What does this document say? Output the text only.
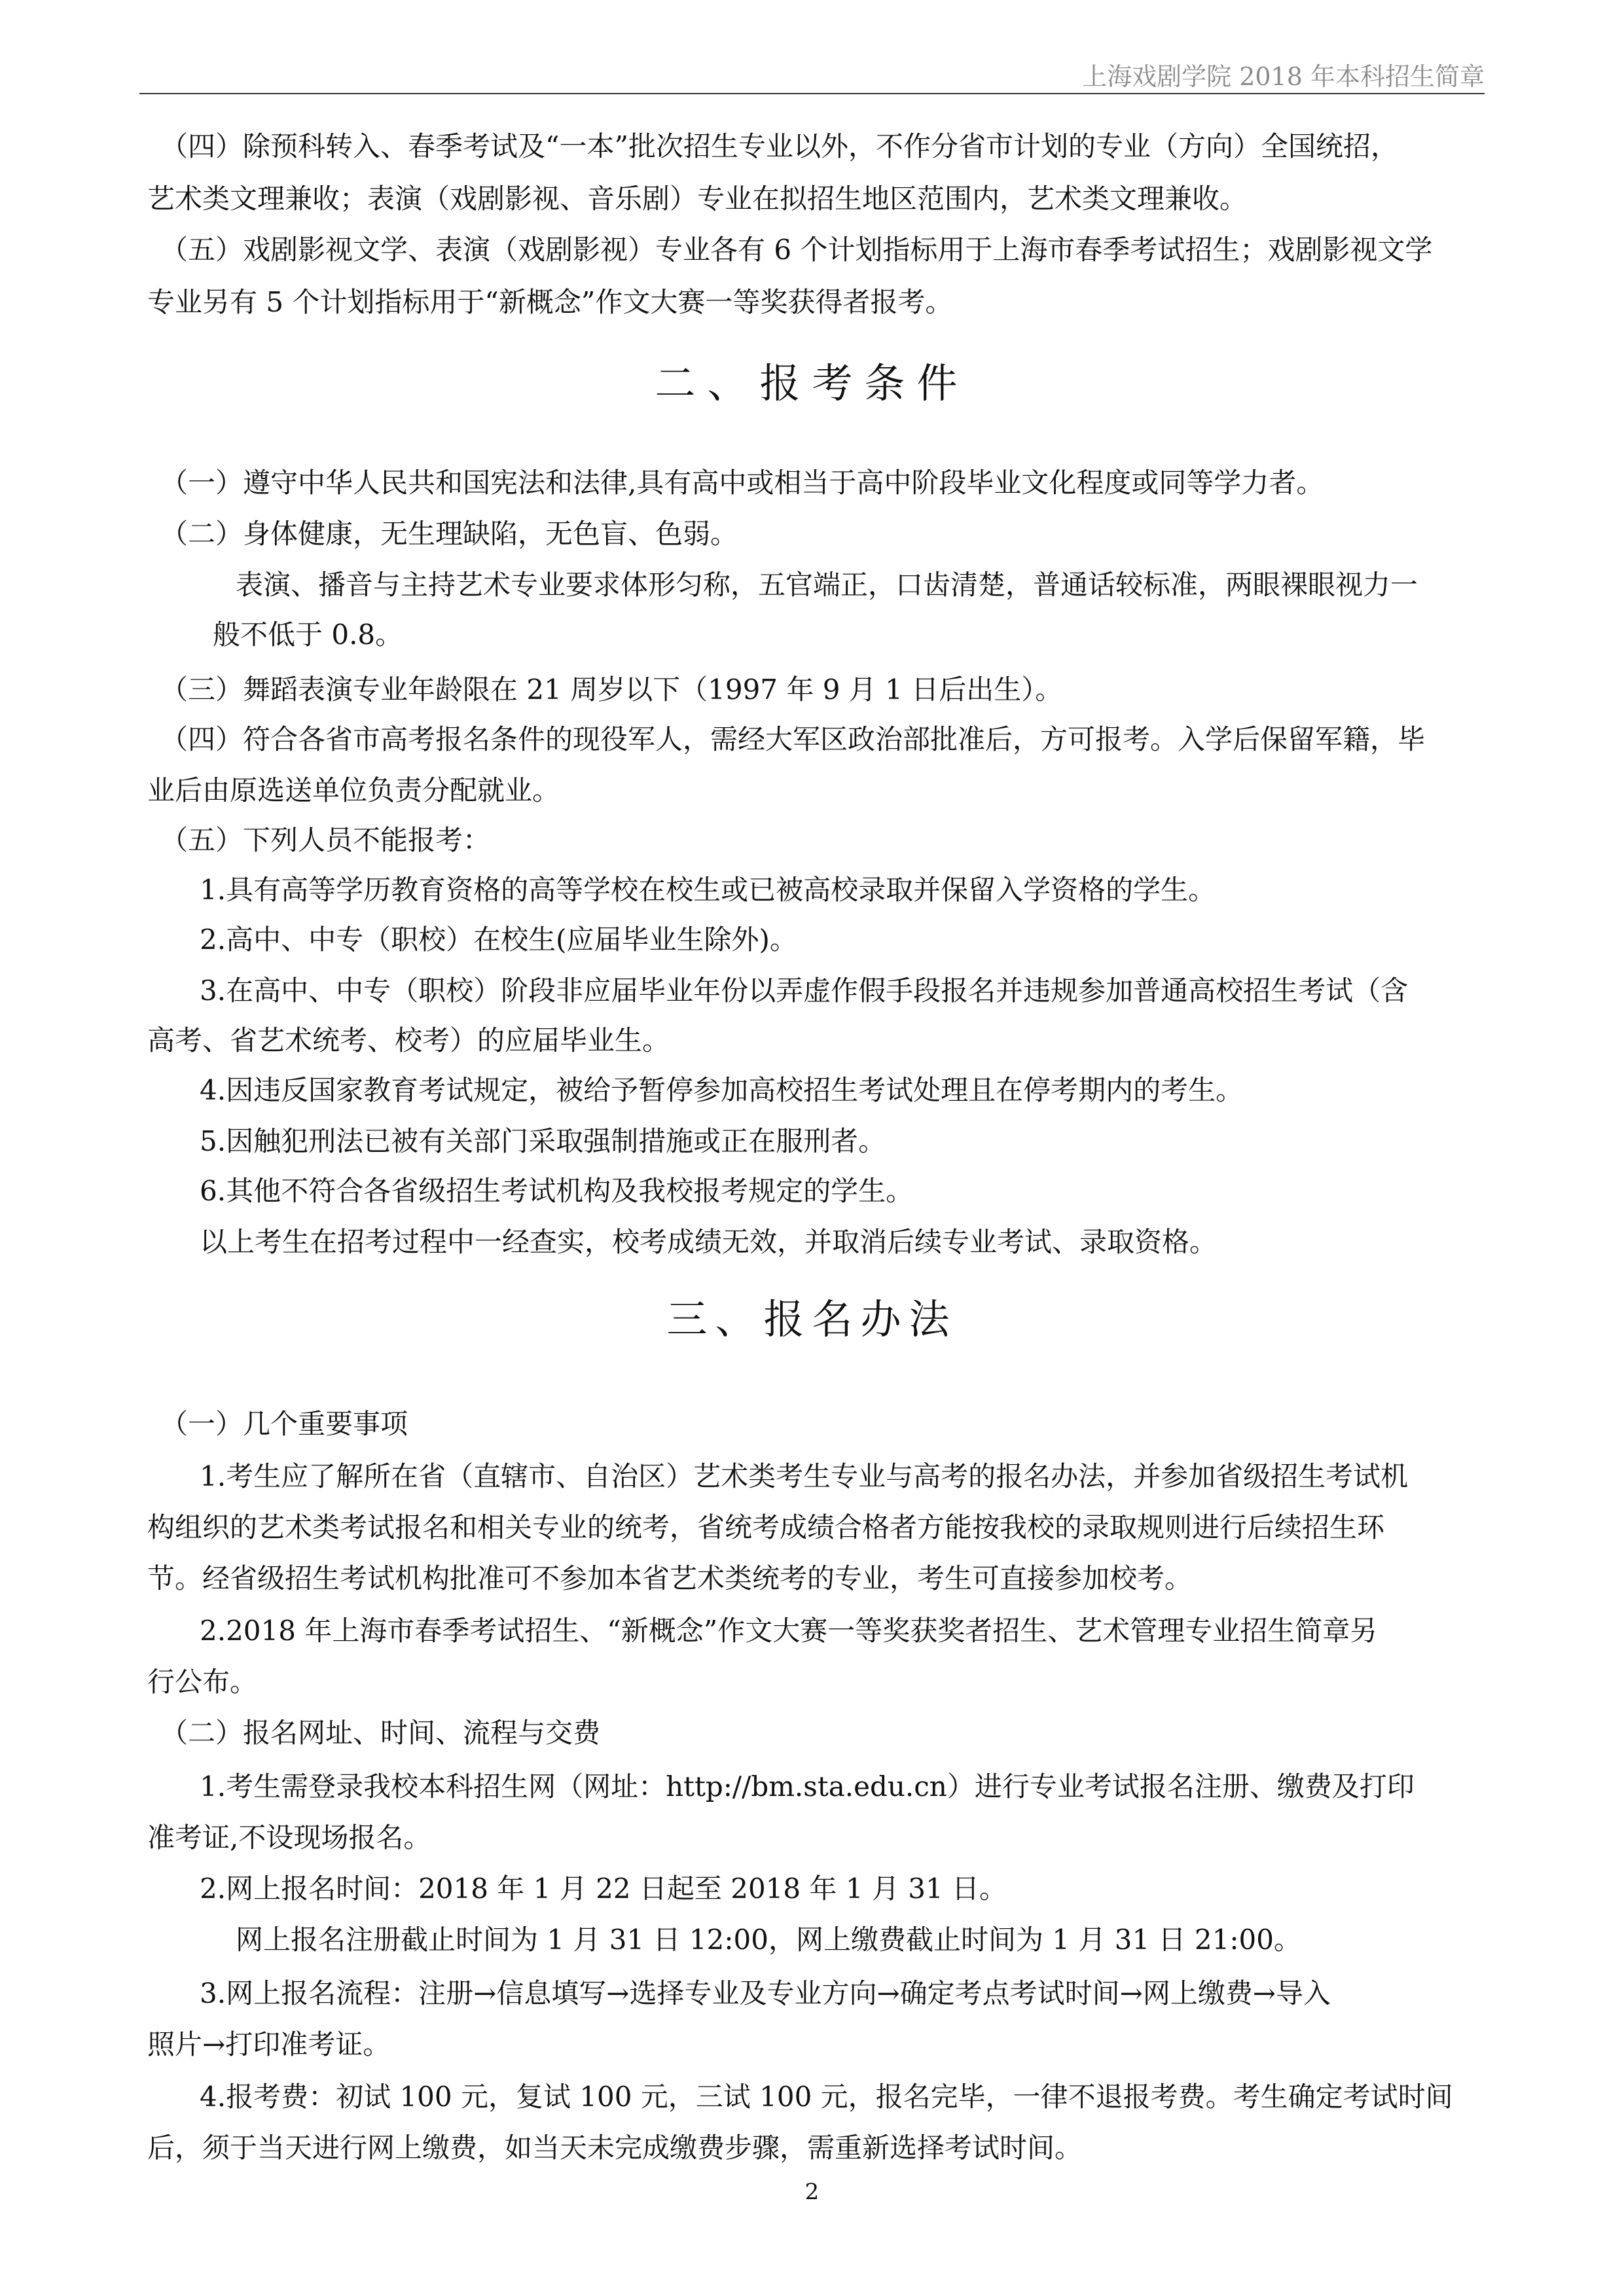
上海戏剧学院 2018 年本科招生简章
（四）除预科转入、春季考试及“一本”批次招生专业以外，不作分省市计划的专业（方向）全国统招，
艺术类文理兼收；表演（戏剧影视、音乐剧）专业在拟招生地区范围内，艺术类文理兼收。
（五）戏剧影视文学、表演（戏剧影视）专业各有 6 个计划指标用于上海市春季考试招生；戏剧影视文学
专业另有 5 个计划指标用于“新概念”作文大赛一等奖获得者报考。
二、报考条件
（一）遵守中华人民共和国宪法和法律,具有高中或相当于高中阶段毕业文化程度或同等学力者。
（二）身体健康，无生理缺陷，无色盲、色弱。
表演、播音与主持艺术专业要求体形匀称，五官端正，口齿清楚，普通话较标准，两眼裸眼视力一
般不低于 0.8。
（三）舞蹈表演专业年龄限在 21 周岁以下（1997 年 9 月 1 日后出生）。
（四）符合各省市高考报名条件的现役军人，需经大军区政治部批准后，方可报考。入学后保留军籍，毕
业后由原选送单位负责分配就业。
（五）下列人员不能报考：
1.具有高等学历教育资格的高等学校在校生或已被高校录取并保留入学资格的学生。
2.高中、中专（职校）在校生(应届毕业生除外)。
3.在高中、中专（职校）阶段非应届毕业年份以弄虚作假手段报名并违规参加普通高校招生考试（含
高考、省艺术统考、校考）的应届毕业生。
4.因违反国家教育考试规定，被给予暂停参加高校招生考试处理且在停考期内的考生。
5.因触犯刑法已被有关部门采取强制措施或正在服刑者。
6.其他不符合各省级招生考试机构及我校报考规定的学生。
以上考生在招考过程中一经查实，校考成绩无效，并取消后续专业考试、录取资格。
三、报名办法
（一）几个重要事项
1.考生应了解所在省（直辖市、自治区）艺术类考生专业与高考的报名办法，并参加省级招生考试机
构组织的艺术类考试报名和相关专业的统考，省统考成绩合格者方能按我校的录取规则进行后续招生环
节。经省级招生考试机构批准可不参加本省艺术类统考的专业，考生可直接参加校考。
2.2018 年上海市春季考试招生、“新概念”作文大赛一等奖获奖者招生、艺术管理专业招生简章另
行公布。
（二）报名网址、时间、流程与交费
1.考生需登录我校本科招生网（网址：http://bm.sta.edu.cn）进行专业考试报名注册、缴费及打印
准考证,不设现场报名。
2.网上报名时间：2018 年 1 月 22 日起至 2018 年 1 月 31 日。
网上报名注册截止时间为 1 月 31 日 12:00，网上缴费截止时间为 1 月 31 日 21:00。
3.网上报名流程：注册→信息填写→选择专业及专业方向→确定考点考试时间→网上缴费→导入
照片→打印准考证。
4.报考费：初试 100 元，复试 100 元，三试 100 元，报名完毕，一律不退报考费。考生确定考试时间
后，须于当天进行网上缴费，如当天未完成缴费步骤，需重新选择考试时间。
2
